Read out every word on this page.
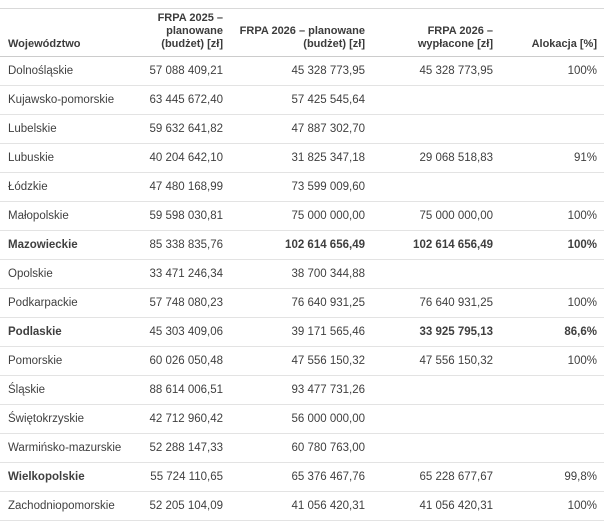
Województwo	FRPA 2025 – planowane (budżet) [zł]	FRPA 2026 – planowane (budżet) [zł]	FRPA 2026 – wypłacone [zł]	Alokacja [%]
Dolnośląskie	57 088 409,21	45 328 773,95	45 328 773,95	100%
Kujawsko-pomorskie	63 445 672,40	57 425 545,64		
Lubelskie	59 632 641,82	47 887 302,70		
Lubuskie	40 204 642,10	31 825 347,18	29 068 518,83	91%
Łódzkie	47 480 168,99	73 599 009,60		
Małopolskie	59 598 030,81	75 000 000,00	75 000 000,00	100%
Mazowieckie	85 338 835,76	102 614 656,49	102 614 656,49	100%
Opolskie	33 471 246,34	38 700 344,88		
Podkarpackie	57 748 080,23	76 640 931,25	76 640 931,25	100%
Podlaskie	45 303 409,06	39 171 565,46	33 925 795,13	86,6%
Pomorskie	60 026 050,48	47 556 150,32	47 556 150,32	100%
Śląskie	88 614 006,51	93 477 731,26		
Świętokrzyskie	42 712 960,42	56 000 000,00		
Warmińsko-mazurskie	52 288 147,33	60 780 763,00		
Wielkopolskie	55 724 110,65	65 376 467,76	65 228 677,67	99,8%
Zachodniopomorskie	52 205 104,09	41 056 420,31	41 056 420,31	100%
